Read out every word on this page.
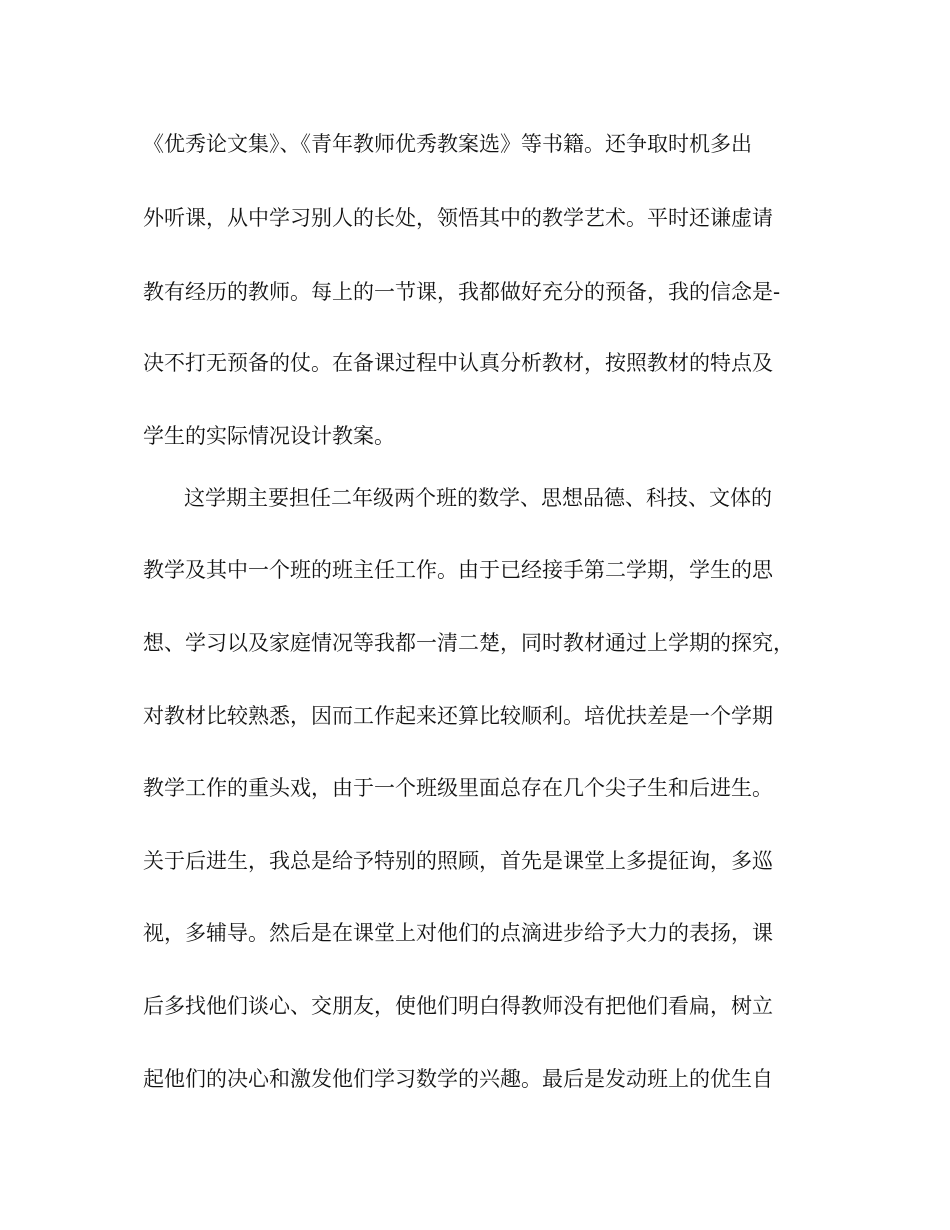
《优秀论文集》、《青年教师优秀教案选》等书籍。还争取时机多出
外听课，从中学习别人的长处，领悟其中的教学艺术。平时还谦虚请
教有经历的教师。每上的一节课，我都做好充分的预备，我的信念是-
决不打无预备的仗。在备课过程中认真分析教材，按照教材的特点及
学生的实际情况设计教案。
这学期主要担任二年级两个班的数学、思想品德、科技、文体的
教学及其中一个班的班主任工作。由于已经接手第二学期，学生的思
想、学习以及家庭情况等我都一清二楚，同时教材通过上学期的探究，
对教材比较熟悉，因而工作起来还算比较顺利。培优扶差是一个学期
教学工作的重头戏，由于一个班级里面总存在几个尖子生和后进生。
关于后进生，我总是给予特别的照顾，首先是课堂上多提征询，多巡
视，多辅导。然后是在课堂上对他们的点滴进步给予大力的表扬，课
后多找他们谈心、交朋友，使他们明白得教师没有把他们看扁，树立
起他们的决心和激发他们学习数学的兴趣。最后是发动班上的优生自
